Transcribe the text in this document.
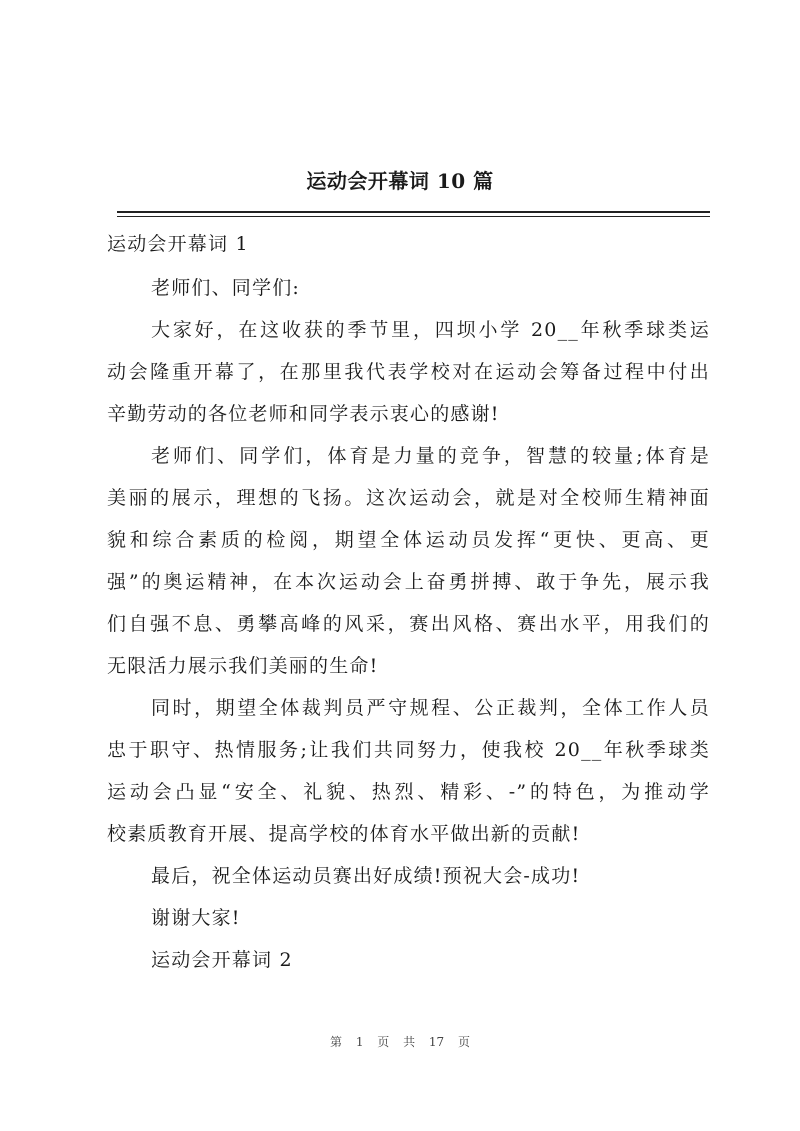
运动会开幕词 10 篇
运动会开幕词 1
老师们、同学们:
大家好，在这收获的季节里，四坝小学 20__年秋季球类运
动会隆重开幕了，在那里我代表学校对在运动会筹备过程中付出
辛勤劳动的各位老师和同学表示衷心的感谢!
老师们、同学们，体育是力量的竞争，智慧的较量;体育是
美丽的展示，理想的飞扬。这次运动会，就是对全校师生精神面
貌和综合素质的检阅，期望全体运动员发挥“更快、更高、更
强”的奥运精神，在本次运动会上奋勇拼搏、敢于争先，展示我
们自强不息、勇攀高峰的风采，赛出风格、赛出水平，用我们的
无限活力展示我们美丽的生命!
同时，期望全体裁判员严守规程、公正裁判，全体工作人员
忠于职守、热情服务;让我们共同努力，使我校 20__年秋季球类
运动会凸显“安全、礼貌、热烈、精彩、-”的特色，为推动学
校素质教育开展、提高学校的体育水平做出新的贡献!
最后，祝全体运动员赛出好成绩!预祝大会-成功!
谢谢大家!
运动会开幕词 2
第 1 页 共 17 页
